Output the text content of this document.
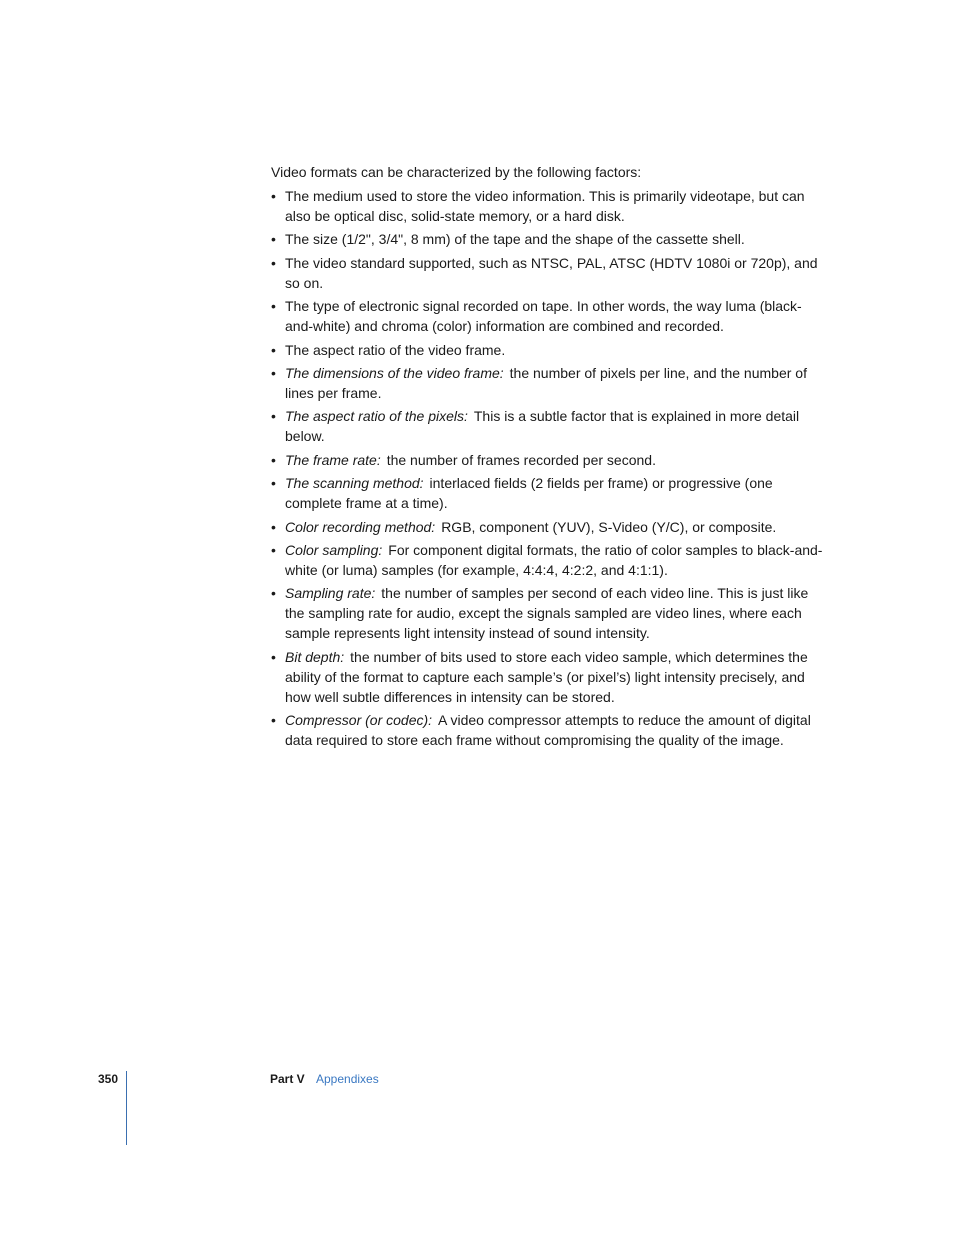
Video formats can be characterized by the following factors:

• The medium used to store the video information. This is primarily videotape, but can also be optical disc, solid-state memory, or a hard disk.
• The size (1/2", 3/4", 8 mm) of the tape and the shape of the cassette shell.
• The video standard supported, such as NTSC, PAL, ATSC (HDTV 1080i or 720p), and so on.
• The type of electronic signal recorded on tape. In other words, the way luma (black-and-white) and chroma (color) information are combined and recorded.
• The aspect ratio of the video frame.
• The dimensions of the video frame: the number of pixels per line, and the number of lines per frame.
• The aspect ratio of the pixels: This is a subtle factor that is explained in more detail below.
• The frame rate: the number of frames recorded per second.
• The scanning method: interlaced fields (2 fields per frame) or progressive (one complete frame at a time).
• Color recording method: RGB, component (YUV), S-Video (Y/C), or composite.
• Color sampling: For component digital formats, the ratio of color samples to black-and-white (or luma) samples (for example, 4:4:4, 4:2:2, and 4:1:1).
• Sampling rate: the number of samples per second of each video line. This is just like the sampling rate for audio, except the signals sampled are video lines, where each sample represents light intensity instead of sound intensity.
• Bit depth: the number of bits used to store each video sample, which determines the ability of the format to capture each sample’s (or pixel’s) light intensity precisely, and how well subtle differences in intensity can be stored.
• Compressor (or codec): A video compressor attempts to reduce the amount of digital data required to store each frame without compromising the quality of the image.
350	Part V Appendixes
